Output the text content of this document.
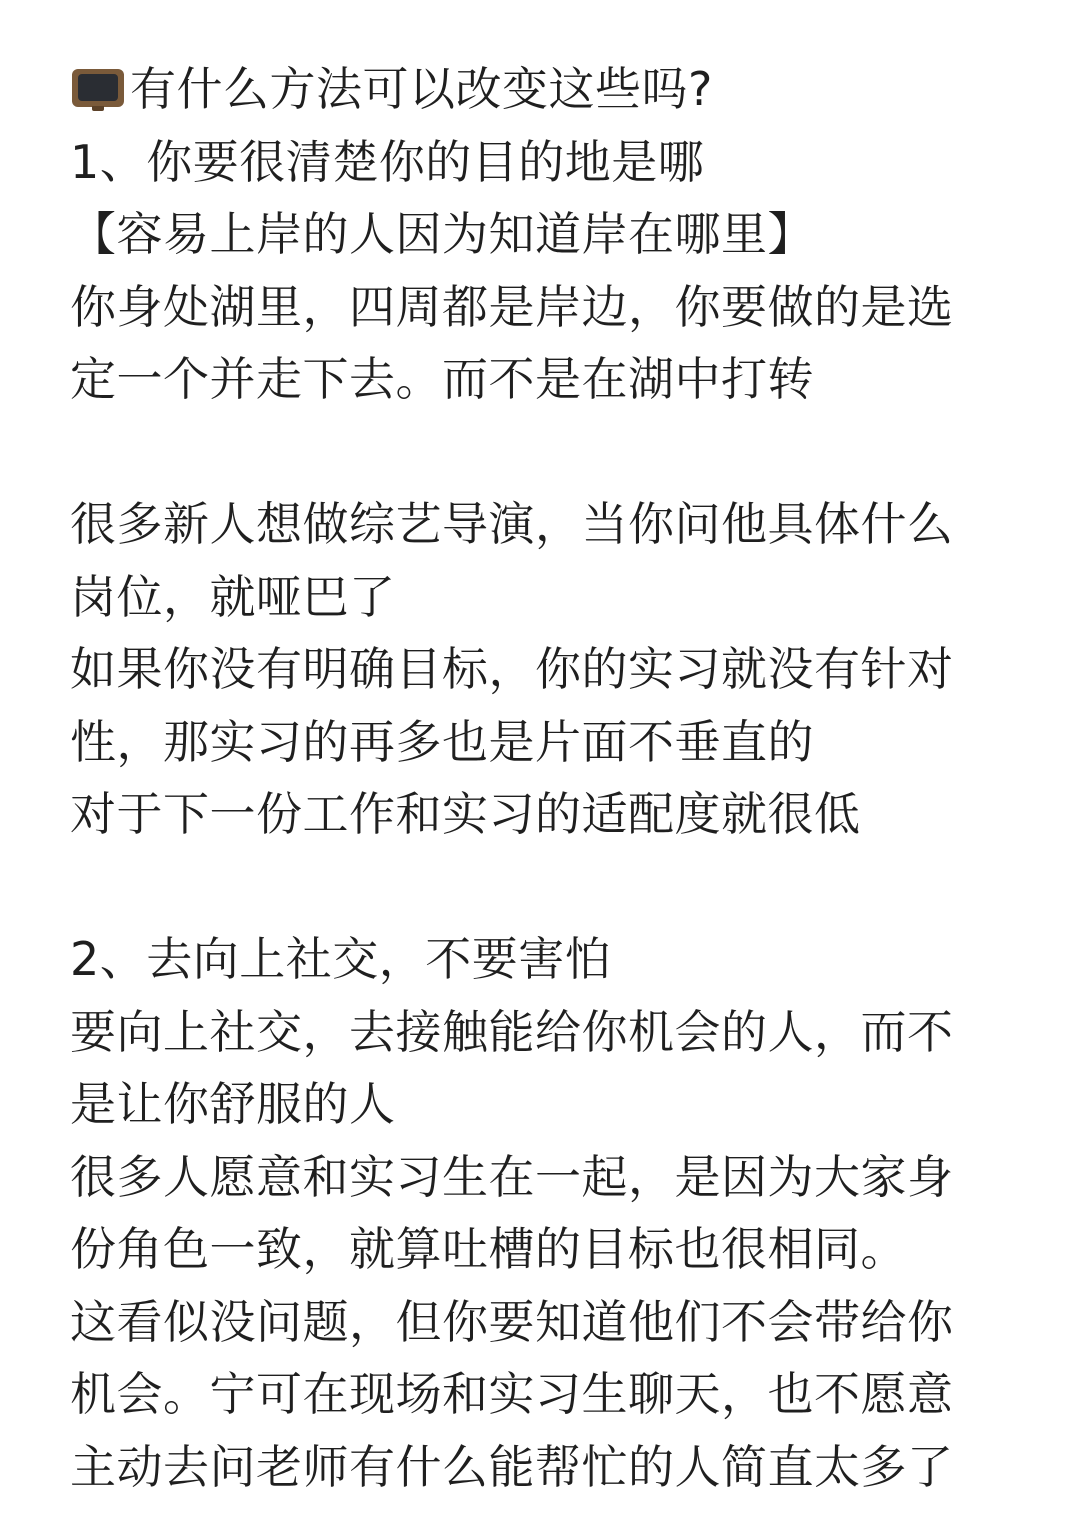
有什么方法可以改变这些吗?
1、你要很清楚你的目的地是哪
【容易上岸的人因为知道岸在哪里】
你身处湖里，四周都是岸边，你要做的是选
定一个并走下去。而不是在湖中打转
很多新人想做综艺导演，当你问他具体什么
岗位，就哑巴了
如果你没有明确目标，你的实习就没有针对
性，那实习的再多也是片面不垂直的
对于下一份工作和实习的适配度就很低
2、去向上社交，不要害怕
要向上社交，去接触能给你机会的人，而不
是让你舒服的人
很多人愿意和实习生在一起，是因为大家身
份角色一致，就算吐槽的目标也很相同。
这看似没问题，但你要知道他们不会带给你
机会。宁可在现场和实习生聊天，也不愿意
主动去问老师有什么能帮忙的人简直太多了
